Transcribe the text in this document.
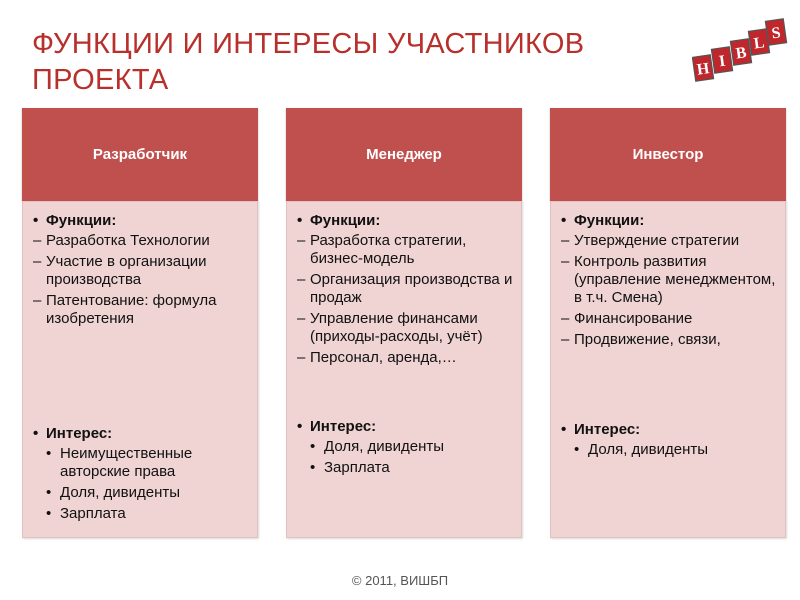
ФУНКЦИИ И ИНТЕРЕСЫ УЧАСТНИКОВ ПРОЕКТА	H I B
L
S
Разработчик
• Функции:
– Разработка Технологии
– Участие в организации производства
– Патентование: формула изобретения
• Интерес:
• Неимущественные авторские права
• Доля, дивиденты
• Зарплата
Менеджер
• Функции:
– Разработка стратегии, бизнес-модель
– Организация производства и продаж
– Управление финансами (приходы-расходы, учёт)
– Персонал, аренда,…
• Интерес:
• Доля, дивиденты
• Зарплата
Инвестор
• Функции:
– Утверждение стратегии
– Контроль развития (управление менеджментом, в т.ч. Смена)
– Финансирование
– Продвижение, связи,
• Интерес:
• Доля, дивиденты
© 2011, ВИШБП
